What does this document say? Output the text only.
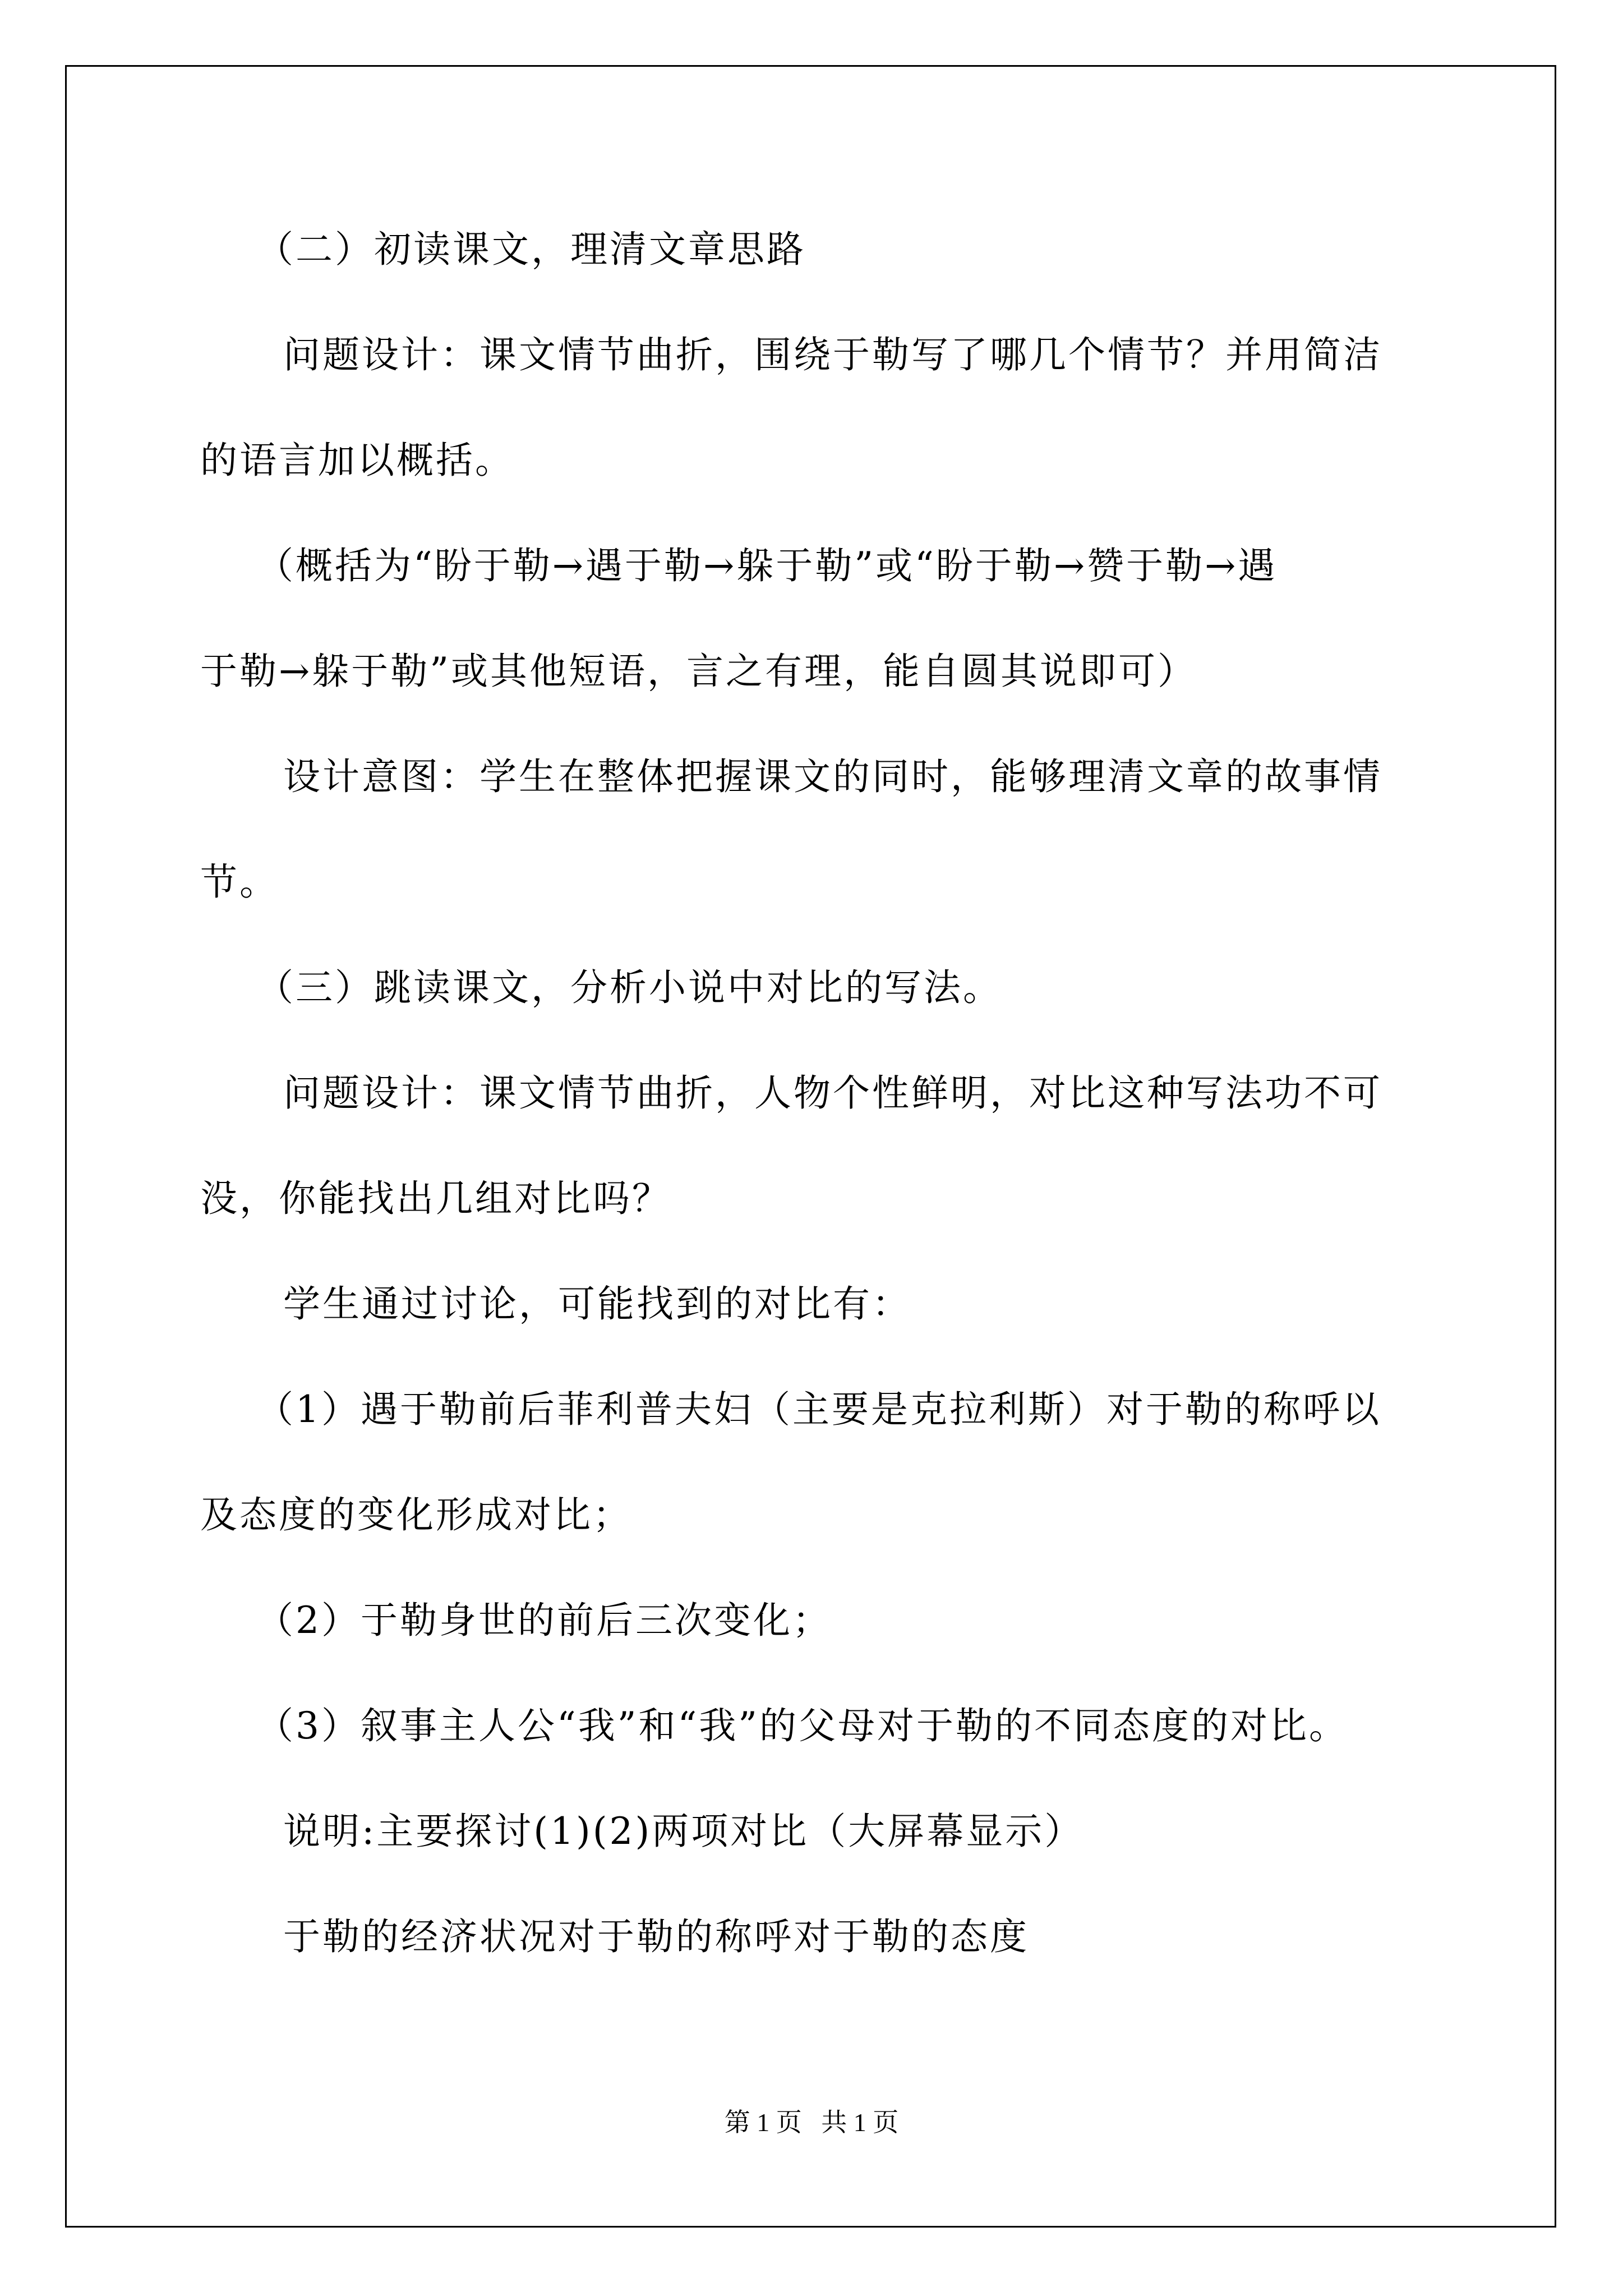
（二）初读课文，理清文章思路
问题设计：课文情节曲折，围绕于勒写了哪几个情节？并用简洁
的语言加以概括。
（概括为“盼于勒→遇于勒→躲于勒”或“盼于勒→赞于勒→遇
于勒→躲于勒”或其他短语，言之有理，能自圆其说即可）
设计意图：学生在整体把握课文的同时，能够理清文章的故事情
节。
（三）跳读课文，分析小说中对比的写法。
问题设计：课文情节曲折，人物个性鲜明，对比这种写法功不可
没，你能找出几组对比吗？
学生通过讨论，可能找到的对比有：
（1）遇于勒前后菲利普夫妇（主要是克拉利斯）对于勒的称呼以
及态度的变化形成对比；
（2）于勒身世的前后三次变化；
（3）叙事主人公“我”和“我”的父母对于勒的不同态度的对比。
说明:主要探讨(1)(2)两项对比（大屏幕显示）
于勒的经济状况对于勒的称呼对于勒的态度
第 1 页   共 1 页
